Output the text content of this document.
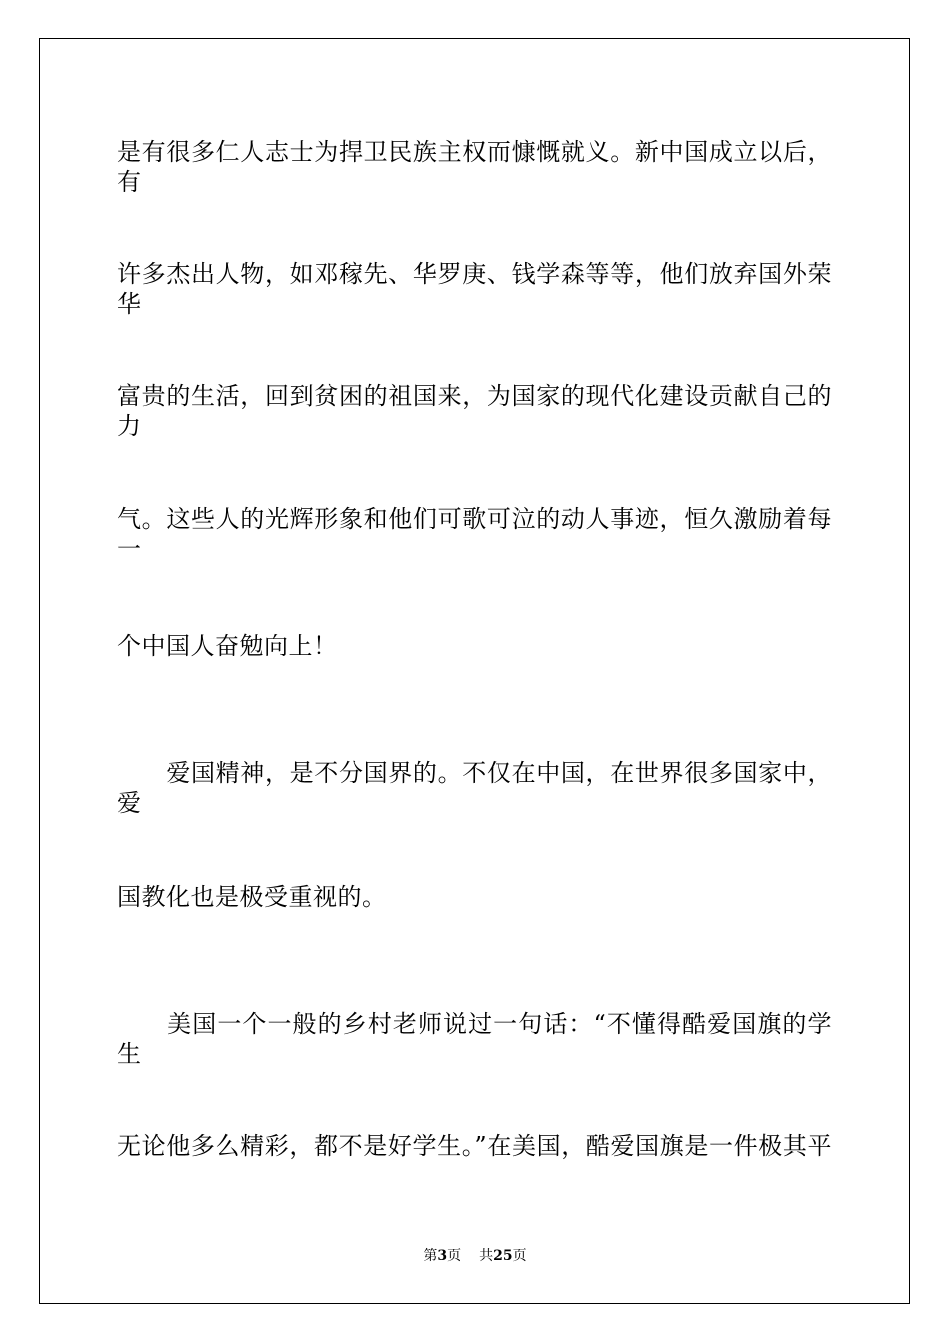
是有很多仁人志士为捍卫民族主权而慷慨就义。新中国成立以后，有
许多杰出人物，如邓稼先、华罗庚、钱学森等等，他们放弃国外荣华
富贵的生活，回到贫困的祖国来，为国家的现代化建设贡献自己的力
气。这些人的光辉形象和他们可歌可泣的动人事迹，恒久激励着每一
个中国人奋勉向上！
　　爱国精神，是不分国界的。不仅在中国，在世界很多国家中，爱
国教化也是极受重视的。
　　美国一个一般的乡村老师说过一句话：“不懂得酷爱国旗的学生
无论他多么精彩，都不是好学生。”在美国，酷爱国旗是一件极其平
第3页 共25页
